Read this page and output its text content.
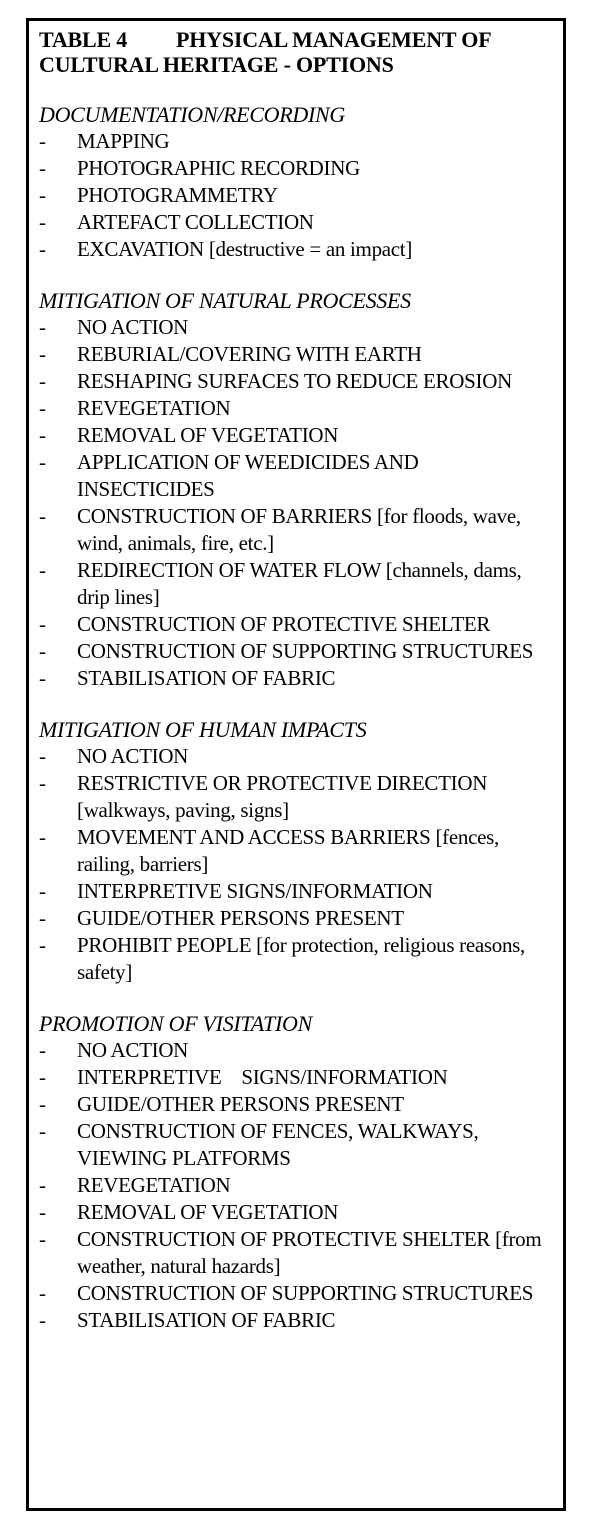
TABLE 4 PHYSICAL MANAGEMENT OF
CULTURAL HERITAGE - OPTIONS
DOCUMENTATION/RECORDING
- MAPPING
- PHOTOGRAPHIC RECORDING
- PHOTOGRAMMETRY
- ARTEFACT COLLECTION
- EXCAVATION [destructive = an impact]
MITIGATION OF NATURAL PROCESSES
- NO ACTION
- REBURIAL/COVERING WITH EARTH
- RESHAPING SURFACES TO REDUCE EROSION
- REVEGETATION
- REMOVAL OF VEGETATION
- APPLICATION OF WEEDICIDES AND INSECTICIDES
- CONSTRUCTION OF BARRIERS [for floods, wave, wind, animals, fire, etc.]
- REDIRECTION OF WATER FLOW [channels, dams, drip lines]
- CONSTRUCTION OF PROTECTIVE SHELTER
- CONSTRUCTION OF SUPPORTING STRUCTURES
- STABILISATION OF FABRIC
MITIGATION OF HUMAN IMPACTS
- NO ACTION
- RESTRICTIVE OR PROTECTIVE DIRECTION [walkways, paving, signs]
- MOVEMENT AND ACCESS BARRIERS [fences, railing, barriers]
- INTERPRETIVE SIGNS/INFORMATION
- GUIDE/OTHER PERSONS PRESENT
- PROHIBIT PEOPLE [for protection, religious reasons, safety]
PROMOTION OF VISITATION
- NO ACTION
- INTERPRETIVE    SIGNS/INFORMATION
- GUIDE/OTHER PERSONS PRESENT
- CONSTRUCTION OF FENCES, WALKWAYS, VIEWING PLATFORMS
- REVEGETATION
- REMOVAL OF VEGETATION
- CONSTRUCTION OF PROTECTIVE SHELTER [from weather, natural hazards]
- CONSTRUCTION OF SUPPORTING STRUCTURES
- STABILISATION OF FABRIC
